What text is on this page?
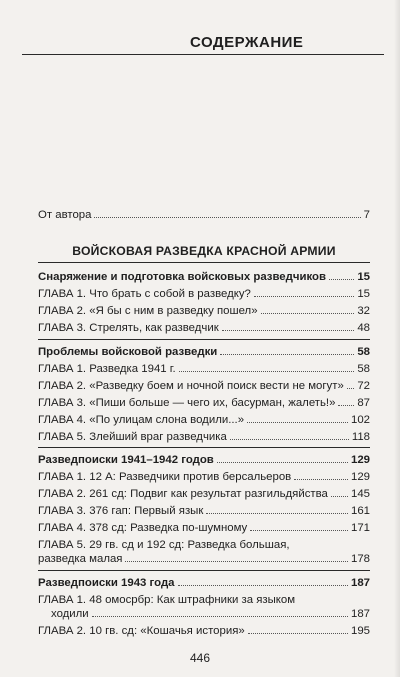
СОДЕРЖАНИЕ
От автора	7
ВОЙСКОВАЯ РАЗВЕДКА КРАСНОЙ АРМИИ
Снаряжение и подготовка войсковых разведчиков	15
ГЛАВА 1. Что брать с собой в разведку?	15
ГЛАВА 2. «Я бы с ним в разведку пошел»	32
ГЛАВА 3. Стрелять, как разведчик	48
Проблемы войсковой разведки	58
ГЛАВА 1. Разведка 1941 г.	58
ГЛАВА 2. «Разведку боем и ночной поиск вести не могут» 72
ГЛАВА 3. «Пиши больше — чего их, басурман, жалеть!» 87
ГЛАВА 4. «По улицам слона водили...»	102
ГЛАВА 5. Злейший враг разведчика	118
Разведпоиски 1941–1942 годов	129
ГЛАВА 1. 12 А: Разведчики против берсальеров	129
ГЛАВА 2. 261 сд: Подвиг как результат разгильдяйства 145
ГЛАВА 3. 376 гап: Первый язык	161
ГЛАВА 4. 378 сд: Разведка по-шумному	171
ГЛАВА 5. 29 гв. сд и 192 сд: Разведка большая,
разведка малая	178
Разведпоиски 1943 года	187
ГЛАВА 1. 48 омосрбр: Как штрафники за языком
ходили	187
ГЛАВА 2. 10 гв. сд: «Кошачья история»	195
446
